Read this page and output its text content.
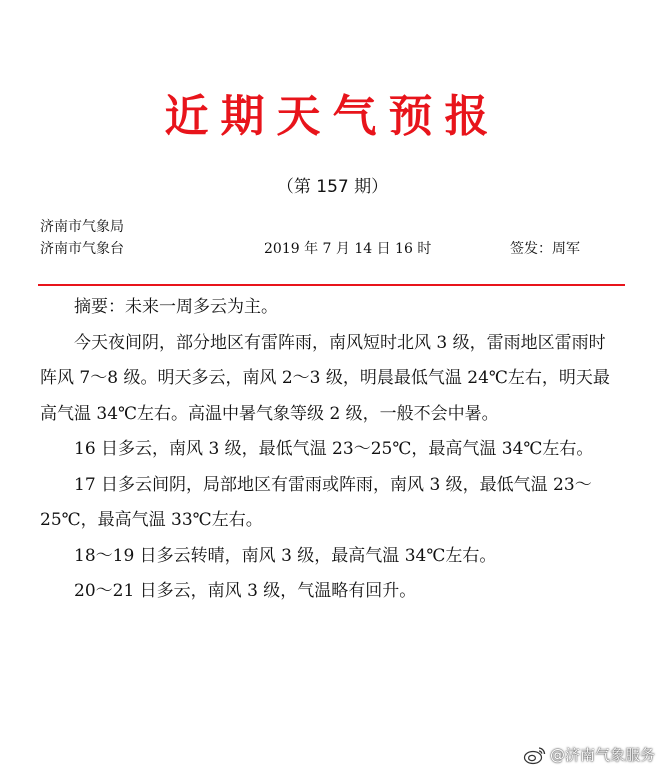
近期天气预报
（第 157 期）
济南市气象局
济南市气象台	2019 年 7 月 14 日 16 时	签发：周军

摘要：未来一周多云为主。

今天夜间阴，部分地区有雷阵雨，南风短时北风 3 级，雷雨地区雷雨时阵风 7～8 级。明天多云，南风 2～3 级，明晨最低气温 24℃左右，明天最高气温 34℃左右。高温中暑气象等级 2 级，一般不会中暑。

16 日多云，南风 3 级，最低气温 23～25℃，最高气温 34℃左右。

17 日多云间阴，局部地区有雷雨或阵雨，南风 3 级，最低气温 23～25℃，最高气温 33℃左右。

18～19 日多云转晴，南风 3 级，最高气温 34℃左右。

20～21 日多云，南风 3 级，气温略有回升。

@济南气象服务
